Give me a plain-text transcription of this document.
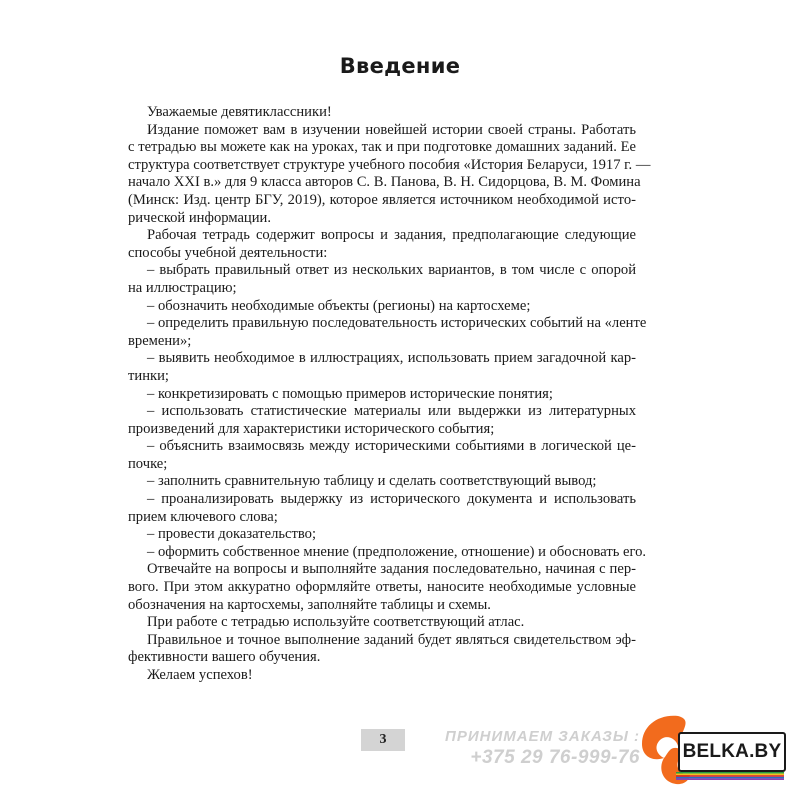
Введение
Уважаемые девятиклассники!
Издание поможет вам в изучении новейшей истории своей страны. Работать
с тетрадью вы можете как на уроках, так и при подготовке домашних заданий. Ее
структура соответствует структуре учебного пособия «История Беларуси, 1917 г. —
начало XXI в.» для 9 класса авторов С. В. Панова, В. Н. Сидорцова, В. М. Фомина
(Минск: Изд. центр БГУ, 2019), которое является источником необходимой истo-
рической информации.
Рабочая тетрадь содержит вопросы и задания, предполагающие следующие
способы учебной деятельности:
– выбрать правильный ответ из нескольких вариантов, в том числе с опорой
на иллюстрацию;
– обозначить необходимые объекты (регионы) на картосхеме;
– определить правильную последовательность исторических событий на «ленте
времени»;
– выявить необходимое в иллюстрациях, использовать прием загадочной кар-
тинки;
– конкретизировать с помощью примеров исторические понятия;
– использовать статистические материалы или выдержки из литературных
произведений для характеристики исторического события;
– объяснить взаимосвязь между историческими событиями в логической це-
почке;
– заполнить сравнительную таблицу и сделать соответствующий вывод;
– проанализировать выдержку из исторического документа и использовать
прием ключевого слова;
– провести доказательство;
– оформить собственное мнение (предположение, отношение) и обосновать его.
Отвечайте на вопросы и выполняйте задания последовательно, начиная с пер-
вого. При этом аккуратно оформляйте ответы, наносите необходимые условные
обозначения на картосхемы, заполняйте таблицы и схемы.
При работе с тетрадью используйте соответствующий атлас.
Правильное и точное выполнение заданий будет являться свидетельством эф-
фективности вашего обучения.
Желаем успехов!
3	ПРИНИМАЕМ ЗАКАЗЫ :
+375 29 76-999-76 BELKA.BY
